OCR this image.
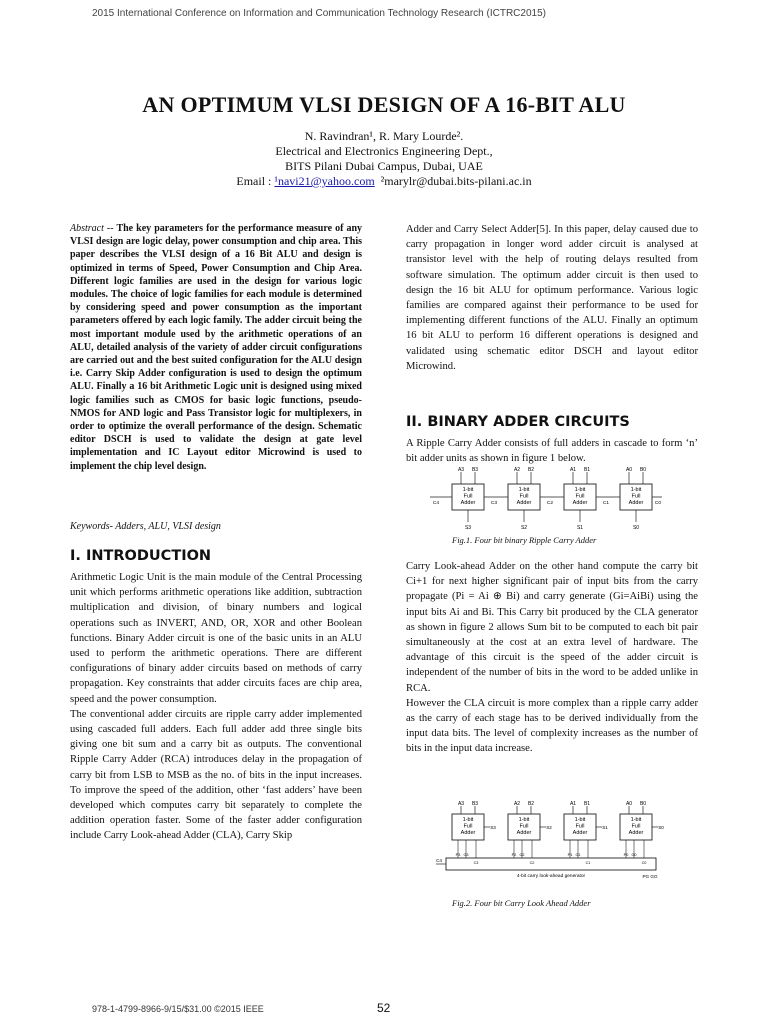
2015 International Conference on Information and Communication Technology Research (ICTRC2015)
AN OPTIMUM VLSI DESIGN OF A 16-BIT ALU
N. Ravindran¹, R. Mary Lourde².
Electrical and Electronics Engineering Dept.,
BITS Pilani Dubai Campus, Dubai, UAE
Email : ¹navi21@yahoo.com ²marylr@dubai.bits-pilani.ac.in
Abstract -- The key parameters for the performance measure of any VLSI design are logic delay, power consumption and chip area. This paper describes the VLSI design of a 16 Bit ALU and design is optimized in terms of Speed, Power Consumption and Chip Area. Different logic families are used in the design for various logic modules. The choice of logic families for each module is determined by considering speed and power consumption as the important parameters offered by each logic family. The adder circuit being the most important module used by the arithmetic operations of an ALU, detailed analysis of the variety of adder circuit configurations are carried out and the best suited configuration for the ALU design i.e. Carry Skip Adder configuration is used to design the optimum ALU. Finally a 16 bit Arithmetic Logic unit is designed using mixed logic families such as CMOS for basic logic functions, pseudo-NMOS for AND logic and Pass Transistor logic for multiplexers, in order to optimize the overall performance of the design. Schematic editor DSCH is used to validate the design at gate level implementation and IC Layout editor Microwind is used to implement the chip level design.
Keywords- Adders, ALU, VLSI design
I. INTRODUCTION

Arithmetic Logic Unit is the main module of the Central Processing unit which performs arithmetic operations like addition, subtraction multiplication and division, of binary numbers and logical operations such as INVERT, AND, OR, XOR and other Boolean functions. Binary Adder circuit is one of the basic units in an ALU used to perform the arithmetic operations. There are different configurations of binary adder circuits based on methods of carry propagation. Key constraints that adder circuits faces are chip area, speed and the power consumption.

The conventional adder circuits are ripple carry adder implemented using cascaded full adders. Each full adder add three single bits giving one bit sum and a carry bit as outputs. The conventional Ripple Carry Adder (RCA) introduces delay in the propagation of carry bit from LSB to MSB as the no. of bits in the input increases. To improve the speed of the addition, other ‘fast adders’ have been developed which computes carry bit separately to complete the addition operation faster. Some of the faster adder configuration include Carry Look-ahead Adder (CLA), Carry Skip

Adder and Carry Select Adder[5]. In this paper, delay caused due to carry propagation in longer word adder circuit is analysed at transistor level with the help of routing delays resulted from software simulation. The optimum adder circuit is then used to design the 16 bit ALU for optimum performance. Various logic families are compared against their performance to be used for implementing different functions of the ALU. Finally an optimum 16 bit ALU to perform 16 different operations is designed and validated using schematic editor DSCH and layout editor Microwind.
II. BINARY ADDER CIRCUITS
A Ripple Carry Adder consists of full adders in cascade to form ‘n’ bit adder units as shown in figure 1 below.
1-bit
Full
Adder
A3 B3
S3
1-bit
Full
Adder
A2 B2
S2
1-bit
Full
Adder
A1 B1
S1
1-bit
Full
Adder
A0 B0
S0
C4	C3	C2	C1	C0
Fig.1. Four bit binary Ripple Carry Adder

Carry Look-ahead Adder on the other hand compute the carry bit Ci+1 for next higher significant pair of input bits from the carry propagate (Pi = Ai ⊕ Bi) and carry generate (Gi=AiBi) using the input bits Ai and Bi. This Carry bit produced by the CLA generator as shown in figure 2 allows Sum bit to be computed to each bit pair simultaneously at the cost at an extra level of hardware. The advantage of this circuit is the speed of the adder circuit is independent of the number of bits in the word to be added unlike in RCA.

However the CLA circuit is more complex than a ripple carry adder as the carry of each stage has to be derived individually from the input data bits. The level of complexity increases as the number of bits in the input data increase.

4-bit carry look-ahead generator
1-bit
Full
Adder
A3 B3
S3
P3 G3
C3
1-bit
Full
Adder
A2 B2
S2
P2 G2
C2
1-bit
Full
Adder
A1 B1
S1
P1 G1
C1
1-bit
Full
Adder
A0 B0
S0
P0 G0
C0
C4
PG GG
Fig.2. Four bit Carry Look Ahead Adder
978-1-4799-8966-9/15/$31.00 ©2015 IEEE	52
